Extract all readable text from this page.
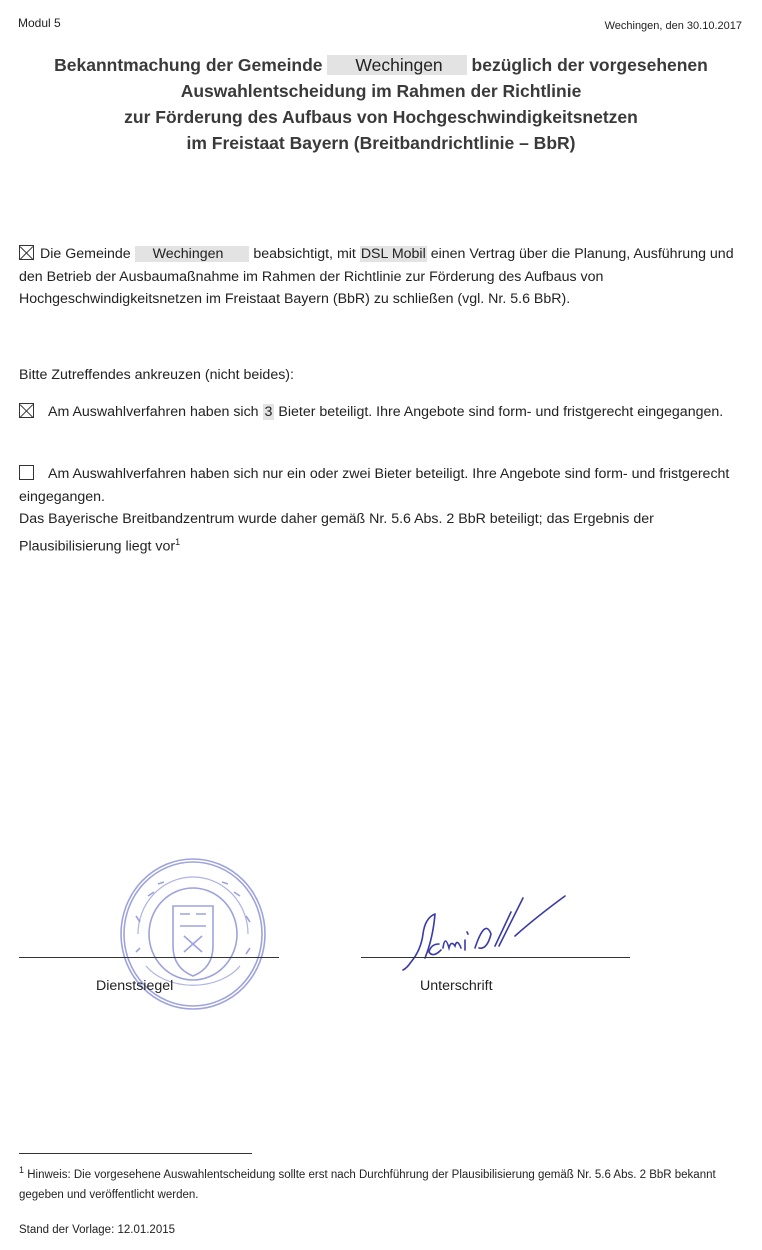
Modul 5	Wechingen, den 30.10.2017
Bekanntmachung der Gemeinde Wechingen bezüglich der vorgesehenen
Auswahlentscheidung im Rahmen der Richtlinie
zur Förderung des Aufbaus von Hochgeschwindigkeitsnetzen
im Freistaat Bayern (Breitbandrichtlinie – BbR)
Die Gemeinde Wechingen beabsichtigt, mit DSL Mobil einen Vertrag über die Planung, Ausführung und den Betrieb der Ausbaumaßnahme im Rahmen der Richtlinie zur Förderung des Aufbaus von Hochgeschwindigkeitsnetzen im Freistaat Bayern (BbR) zu schließen (vgl. Nr. 5.6 BbR).
Bitte Zutreffendes ankreuzen (nicht beides):
Am Auswahlverfahren haben sich 3 Bieter beteiligt. Ihre Angebote sind form- und fristgerecht eingegangen.
Am Auswahlverfahren haben sich nur ein oder zwei Bieter beteiligt. Ihre Angebote sind form- und fristgerecht eingegangen.
Das Bayerische Breitbandzentrum wurde daher gemäß Nr. 5.6 Abs. 2 BbR beteiligt; das Ergebnis der Plausibilisierung liegt vor$^1$
Dienstsiegel	Unterschrift
$^1$ Hinweis: Die vorgesehene Auswahlentscheidung sollte erst nach Durchführung der Plausibilisierung gemäß Nr. 5.6 Abs. 2 BbR bekannt gegeben und veröffentlicht werden.
Stand der Vorlage: 12.01.2015
